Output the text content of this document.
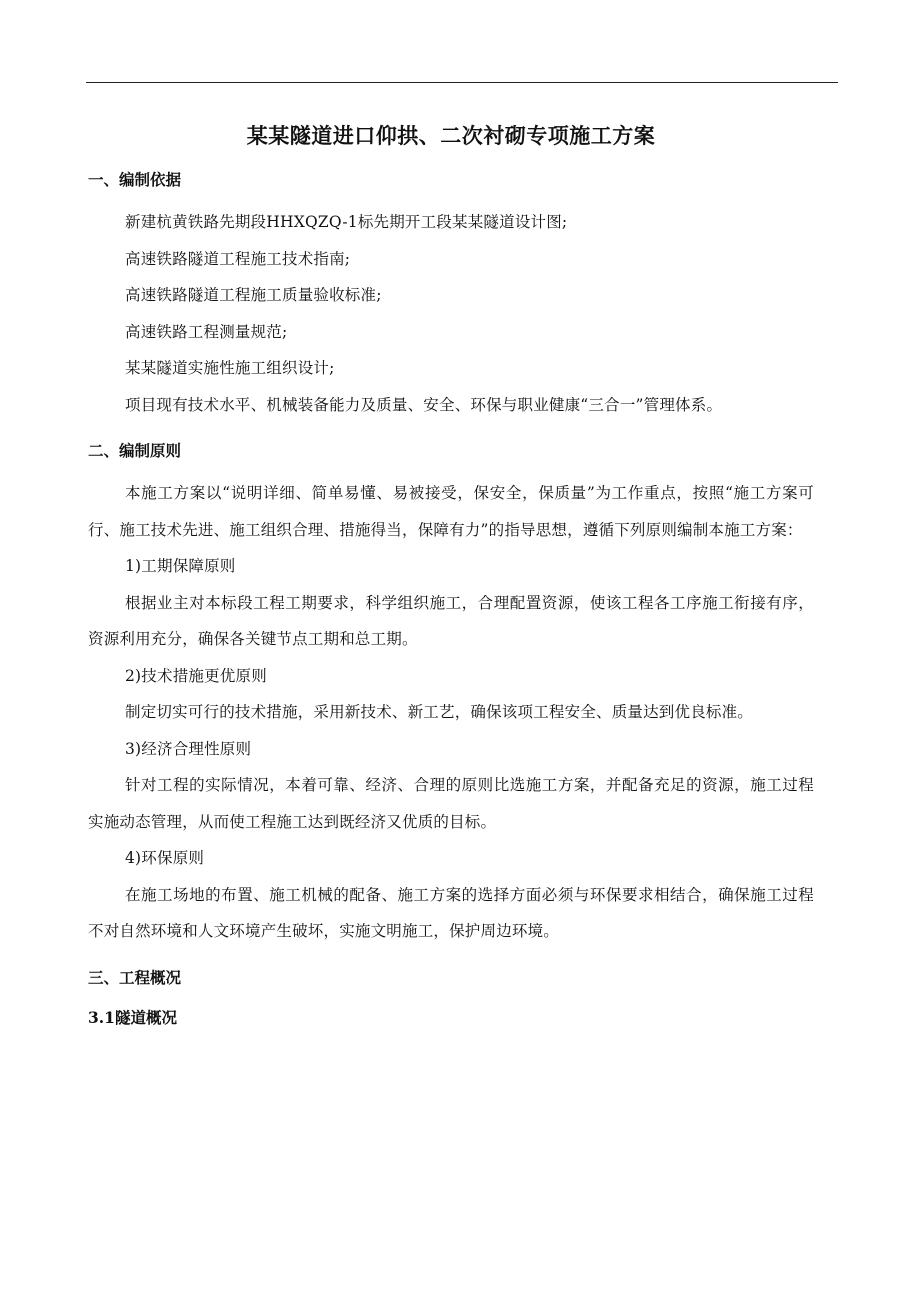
某某隧道进口仰拱、二次衬砌专项施工方案
一、编制依据

新建杭黄铁路先期段HHXQZQ-1标先期开工段某某隧道设计图;

高速铁路隧道工程施工技术指南;

高速铁路隧道工程施工质量验收标准;

高速铁路工程测量规范;

某某隧道实施性施工组织设计;

项目现有技术水平、机械装备能力及质量、安全、环保与职业健康“三合一”管理体系。

二、编制原则

本施工方案以“说明详细、简单易懂、易被接受，保安全，保质量”为工作重点，按照“施工方案可行、施工技术先进、施工组织合理、措施得当，保障有力”的指导思想，遵循下列原则编制本施工方案：

1)工期保障原则

根据业主对本标段工程工期要求，科学组织施工，合理配置资源，使该工程各工序施工衔接有序，资源利用充分，确保各关键节点工期和总工期。

2)技术措施更优原则

制定切实可行的技术措施，采用新技术、新工艺，确保该项工程安全、质量达到优良标准。

3)经济合理性原则

针对工程的实际情况，本着可靠、经济、合理的原则比选施工方案，并配备充足的资源，施工过程实施动态管理，从而使工程施工达到既经济又优质的目标。

4)环保原则

在施工场地的布置、施工机械的配备、施工方案的选择方面必须与环保要求相结合，确保施工过程不对自然环境和人文环境产生破坏，实施文明施工，保护周边环境。

三、工程概况
3.1隧道概况
